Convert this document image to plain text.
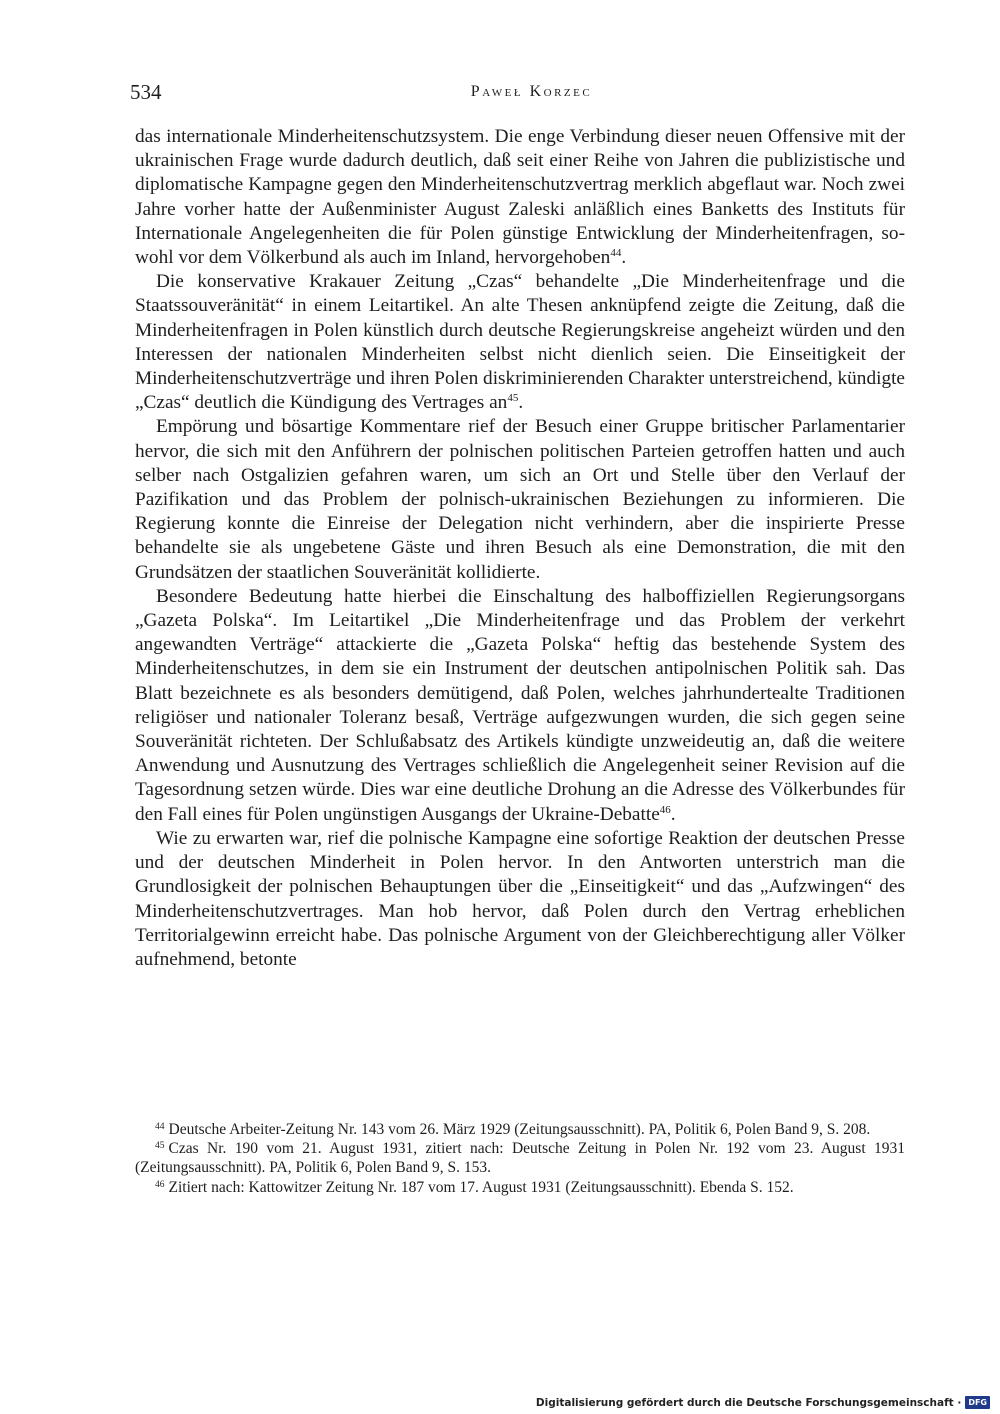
534	Paweł Korzec

das internationale Minderheitenschutzsystem. Die enge Verbindung dieser neuen Offensive mit der ukrainischen Frage wurde dadurch deutlich, daß seit einer Reihe von Jahren die publizistische und diplomatische Kampagne gegen den Minderheitenschutzvertrag merklich abgeflaut war. Noch zwei Jahre vorher hatte der Außenminister August Zaleski anläßlich eines Banketts des Instituts für Internationale Angelegenheiten die für Polen günstige Entwicklung der Minderheitenfragen, sowohl vor dem Völkerbund als auch im Inland, hervorgehoben$^{44}$.

Die konservative Krakauer Zeitung „Czas“ behandelte „Die Minderheitenfrage und die Staatssouveränität“ in einem Leitartikel. An alte Thesen anknüpfend zeigte die Zeitung, daß die Minderheitenfragen in Polen künstlich durch deutsche Regierungskreise angeheizt würden und den Interessen der nationalen Minderheiten selbst nicht dienlich seien. Die Einseitigkeit der Minderheitenschutzverträge und ihren Polen diskriminierenden Charakter unterstreichend, kündigte „Czas“ deutlich die Kündigung des Vertrages $an^{45}$.

Empörung und bösartige Kommentare rief der Besuch einer Gruppe britischer Parlamentarier hervor, die sich mit den Anführern der polnischen politischen Parteien getroffen hatten und auch selber nach Ostgalizien gefahren waren, um sich an Ort und Stelle über den Verlauf der Pazifikation und das Problem der polnisch-ukrainischen Beziehungen zu informieren. Die Regierung konnte die Einreise der Delegation nicht verhindern, aber die inspirierte Presse behandelte sie als ungebetene Gäste und ihren Besuch als eine Demonstration, die mit den Grundsätzen der staatlichen Souveränität kollidierte.

Besondere Bedeutung hatte hierbei die Einschaltung des halboffiziellen Regierungsorgans „Gazeta Polska“. Im Leitartikel „Die Minderheitenfrage und das Problem der verkehrt angewandten Verträge“ attackierte die „Gazeta Polska“ heftig das bestehende System des Minderheitenschutzes, in dem sie ein Instrument der deutschen antipolnischen Politik sah. Das Blatt bezeichnete es als besonders demütigend, daß Polen, welches jahrhundertealte Traditionen religiöser und nationaler Toleranz besaß, Verträge aufgezwungen wurden, die sich gegen seine Souveränität richteten. Der Schlußabsatz des Artikels kündigte unzweideutig an, daß die weitere Anwendung und Ausnutzung des Vertrages schließlich die Angelegenheit seiner Revision auf die Tagesordnung setzen würde. Dies war eine deutliche Drohung an die Adresse des Völkerbundes für den Fall eines für Polen ungünstigen Ausgangs der Ukraine-Debatte$^{46}$.

Wie zu erwarten war, rief die polnische Kampagne eine sofortige Reaktion der deutschen Presse und der deutschen Minderheit in Polen hervor. In den Antworten unterstrich man die Grundlosigkeit der polnischen Behauptungen über die „Einseitigkeit“ und das „Aufzwingen“ des Minderheitenschutzvertrages. Man hob hervor, daß Polen durch den Vertrag erheblichen Territorialgewinn erreicht habe. Das polnische Argument von der Gleichberechtigung aller Völker aufnehmend, betonte

$^{44}$ Deutsche Arbeiter-Zeitung Nr. 143 vom 26. März 1929 (Zeitungsausschnitt). PA, Politik 6, Polen Band 9, S. 208.

$^{45}$ Czas Nr. 190 vom 21. August 1931, zitiert nach: Deutsche Zeitung in Polen Nr. 192 vom 23. August 1931 (Zeitungsausschnitt). PA, Politik 6, Polen Band 9, S. 153.

$^{46}$ Zitiert nach: Kattowitzer Zeitung Nr. 187 vom 17. August 1931 (Zeitungsausschnitt). Ebenda S. 152.

Digitalisierung gefördert durch die Deutsche Forschungsgemeinschaft · DFG
